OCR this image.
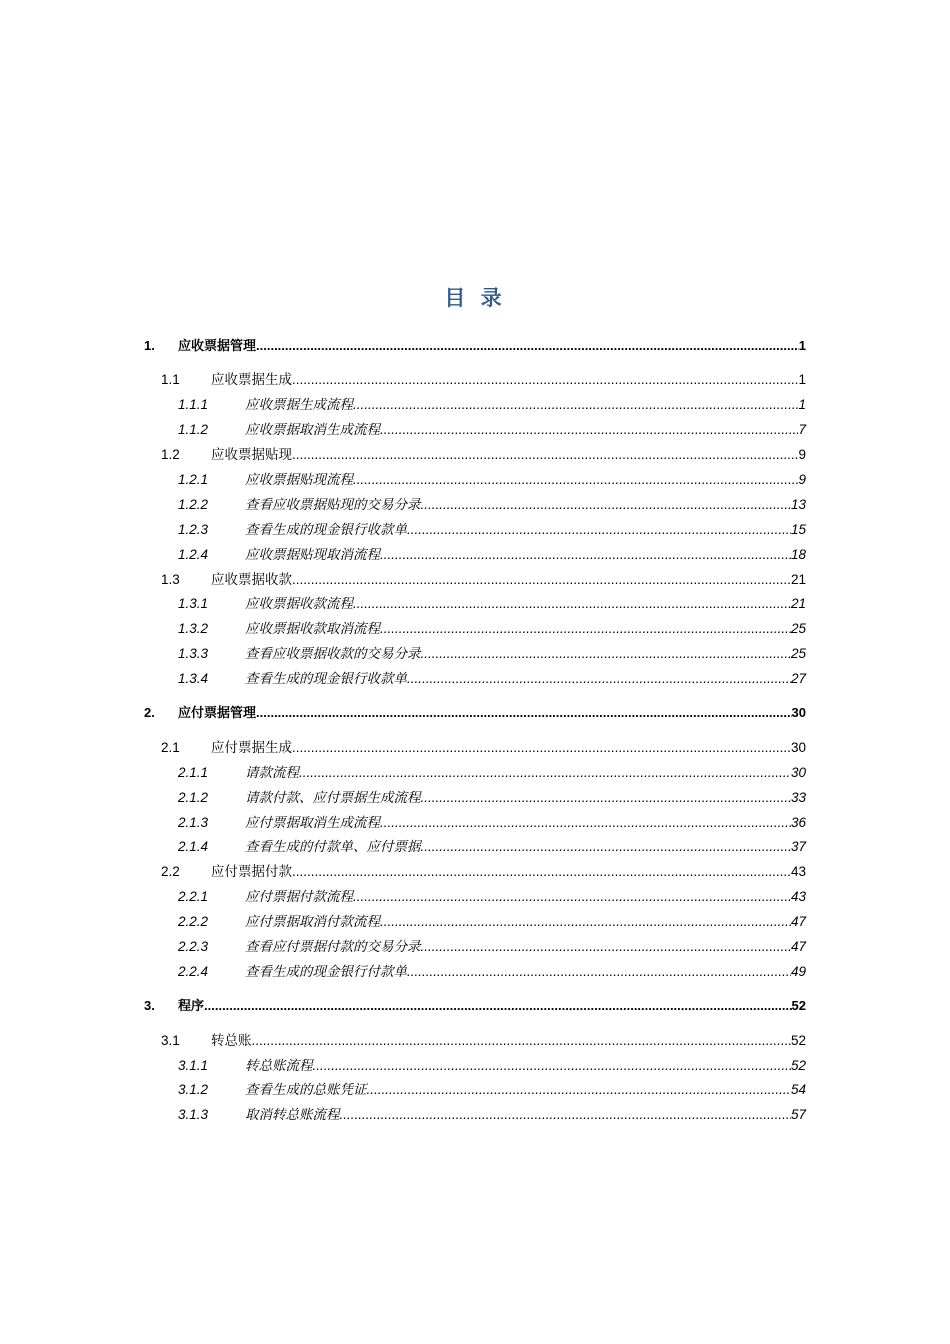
目 录
1.	应收票据管理 .....	1
1.1	应收票据生成 .....	1
1.1.1	应收票据生成流程 .....	1
1.1.2	应收票据取消生成流程 .....	7
1.2	应收票据贴现 .....	9
1.2.1	应收票据贴现流程 .....	9
1.2.2	查看应收票据贴现的交易分录 .....	13
1.2.3	查看生成的现金银行收款单 .....	15
1.2.4	应收票据贴现取消流程 .....	18
1.3	应收票据收款 .....	21
1.3.1	应收票据收款流程 .....	21
1.3.2	应收票据收款取消流程 .....	25
1.3.3	查看应收票据收款的交易分录 .....	25
1.3.4	查看生成的现金银行收款单 .....	27
2.	应付票据管理 .....	30
2.1	应付票据生成 .....	30
2.1.1	请款流程 .....	30
2.1.2	请款付款、应付票据生成流程 .....	33
2.1.3	应付票据取消生成流程 .....	36
2.1.4	查看生成的付款单、应付票据 .....	37
2.2	应付票据付款 .....	43
2.2.1	应付票据付款流程 .....	43
2.2.2	应付票据取消付款流程 .....	47
2.2.3	查看应付票据付款的交易分录 .....	47
2.2.4	查看生成的现金银行付款单 .....	49
3.	程序 .....	52
3.1	转总账 .....	52
3.1.1	转总账流程 .....	52
3.1.2	查看生成的总账凭证 .....	54
3.1.3	取消转总账流程 .....	57
